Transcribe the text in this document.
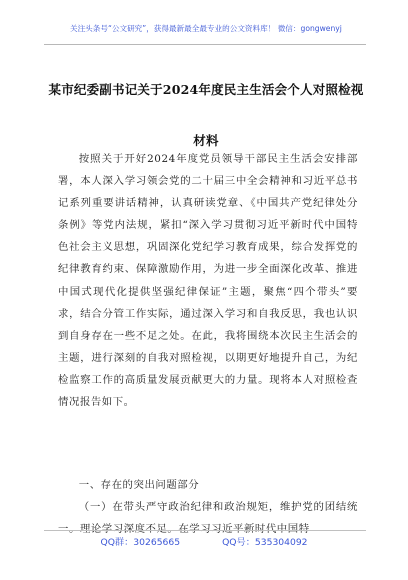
关注头条号“公文研究”，获得最新最全最专业的公文资料库！ 微信：gongwenyj
某市纪委副书记关于2024年度民主生活会个人对照检视材料

按照关于开好2024年度党员领导干部民主生活会安排部署，本人深入学习领会党的二十届三中全会精神和习近平总书记系列重要讲话精神，认真研读党章、《中国共产党纪律处分条例》等党内法规，紧扣“深入学习贯彻习近平新时代中国特色社会主义思想，巩固深化党纪学习教育成果，综合发挥党的纪律教育约束、保障激励作用，为进一步全面深化改革、推进中国式现代化提供坚强纪律保证”主题，聚焦“四个带头”要求，结合分管工作实际，通过深入学习和自我反思，我也认识到自身存在一些不足之处。在此，我将围绕本次民主生活会的主题，进行深刻的自我对照检视，以期更好地提升自己，为纪检监察工作的高质量发展贡献更大的力量。现将本人对照检查情况报告如下。

一、存在的突出问题部分
（一）在带头严守政治纪律和政治规矩，维护党的团结统一。理论学习深度不足。在学习习近平新时代中国特
QQ群：30265665	QQ号：535304092
